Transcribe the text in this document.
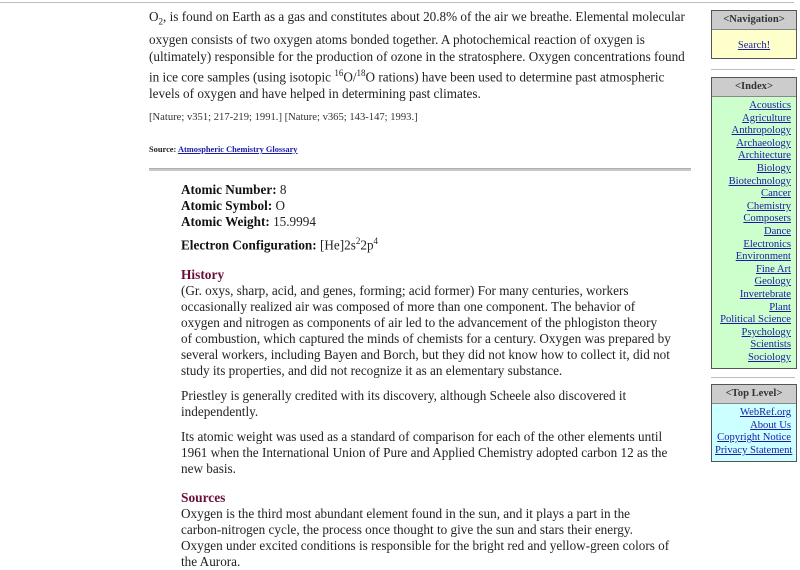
$O_2$, is found on Earth as a gas and constitutes about 20.8% of the air we breathe. Elemental molecular oxygen consists of two oxygen atoms bonded together. A photochemical reaction of oxygen is (ultimately) responsible for the production of ozone in the stratosphere. Oxygen concentrations found in ice core samples (using isotopic $^{16}$O/$^{18}$O rations) have been used to determine past atmospheric levels of oxygen and have helped in determining past climates.

[Nature; v351; 217-219; 1991.] [Nature; v365; 143-147; 1993.]

Source: Atmospheric Chemistry Glossary

Atomic Number: 8
Atomic Symbol: O
Atomic Weight: 15.9994
Electron Configuration: $[He]2s^22p^4$
History

(Gr. oxys, sharp, acid, and genes, forming; acid former) For many centuries, workers occasionally realized air was composed of more than one component. The behavior of oxygen and nitrogen as components of air led to the advancement of the phlogiston theory of combustion, which captured the minds of chemists for a century. Oxygen was prepared by several workers, including Bayen and Borch, but they did not know how to collect it, did not study its properties, and did not recognize it as an elementary substance.

Priestley is generally credited with its discovery, although Scheele also discovered it independently.

Its atomic weight was used as a standard of comparison for each of the other elements until 1961 when the International Union of Pure and Applied Chemistry adopted carbon 12 as the new basis.

Sources

Oxygen is the third most abundant element found in the sun, and it plays a part in the carbon-nitrogen cycle, the process once thought to give the sun and stars their energy. Oxygen under excited conditions is responsible for the bright red and yellow-green colors of the Aurora.

<Navigation>
Search!
<Index>
Acoustics
Agriculture
Anthropology
Archaeology
Architecture
Biology
Biotechnology
Cancer
Chemistry
Composers
Dance
Electronics
Environment
Fine Art
Geology
Invertebrate
Plant
Political Science
Psychology
Scientists
Sociology
<Top Level>
WebRef.org
About Us
Copyright Notice
Privacy Statement
